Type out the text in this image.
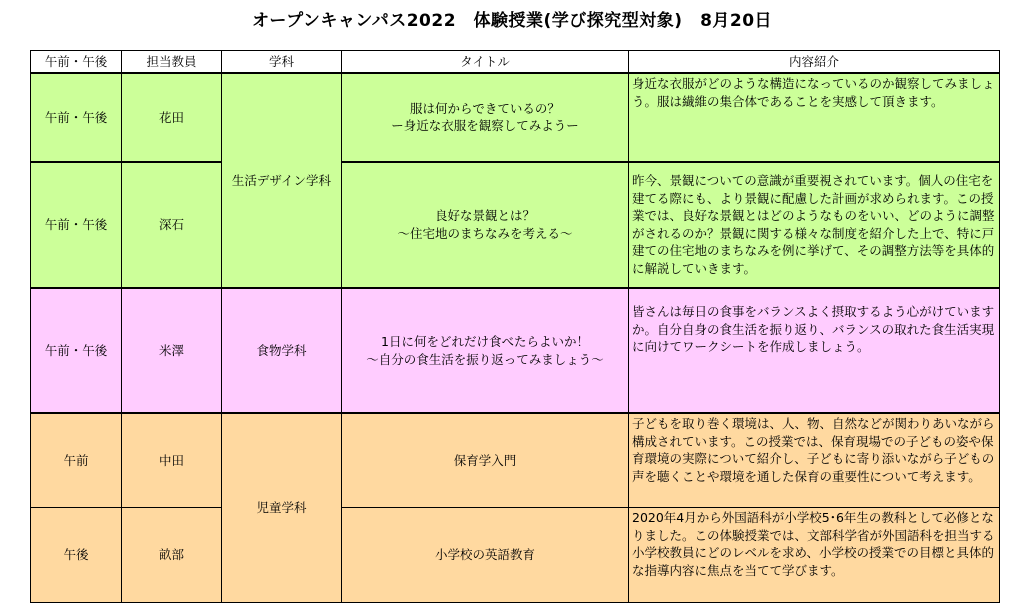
オープンキャンパス2022　体験授業(学び探究型対象)　8月20日
午前・午後	担当教員	学科	タイトル	内容紹介
午前・午後	花田	生活デザイン学科	服は何からできているの？
ー身近な衣服を観察してみようー	身近な衣服がどのような構造になっているのか観察してみましょう。服は繊維の集合体であることを実感して頂きます。
午前・午後	深石		良好な景観とは？
～住宅地のまちなみを考える～	昨今、景観についての意識が重要視されています。個人の住宅を建てる際にも、より景観に配慮した計画が求められます。この授業では、良好な景観とはどのようなものをいい、どのように調整がされるのか？景観に関する様々な制度を紹介した上で、特に戸建ての住宅地のまちなみを例に挙げて、その調整方法等を具体的に解説していきます。
午前・午後	米澤	食物学科	1日に何をどれだけ食べたらよいか！
～自分の食生活を振り返ってみましょう～	皆さんは毎日の食事をバランスよく摂取するよう心がけていますか。自分自身の食生活を振り返り、バランスの取れた食生活実現に向けてワークシートを作成しましょう。
午前	中田	児童学科	保育学入門	子どもを取り巻く環境は、人、物、自然などが関わりあいながら構成されています。この授業では、保育現場での子どもの姿や保育環境の実際について紹介し、子どもに寄り添いながら子どもの声を聴くことや環境を通した保育の重要性について考えます。
午後	畝部		小学校の英語教育	2020年4月から外国語科が小学校5･6年生の教科として必修となりました。この体験授業では、文部科学省が外国語科を担当する小学校教員にどのレベルを求め、小学校の授業での目標と具体的な指導内容に焦点を当てて学びます。
